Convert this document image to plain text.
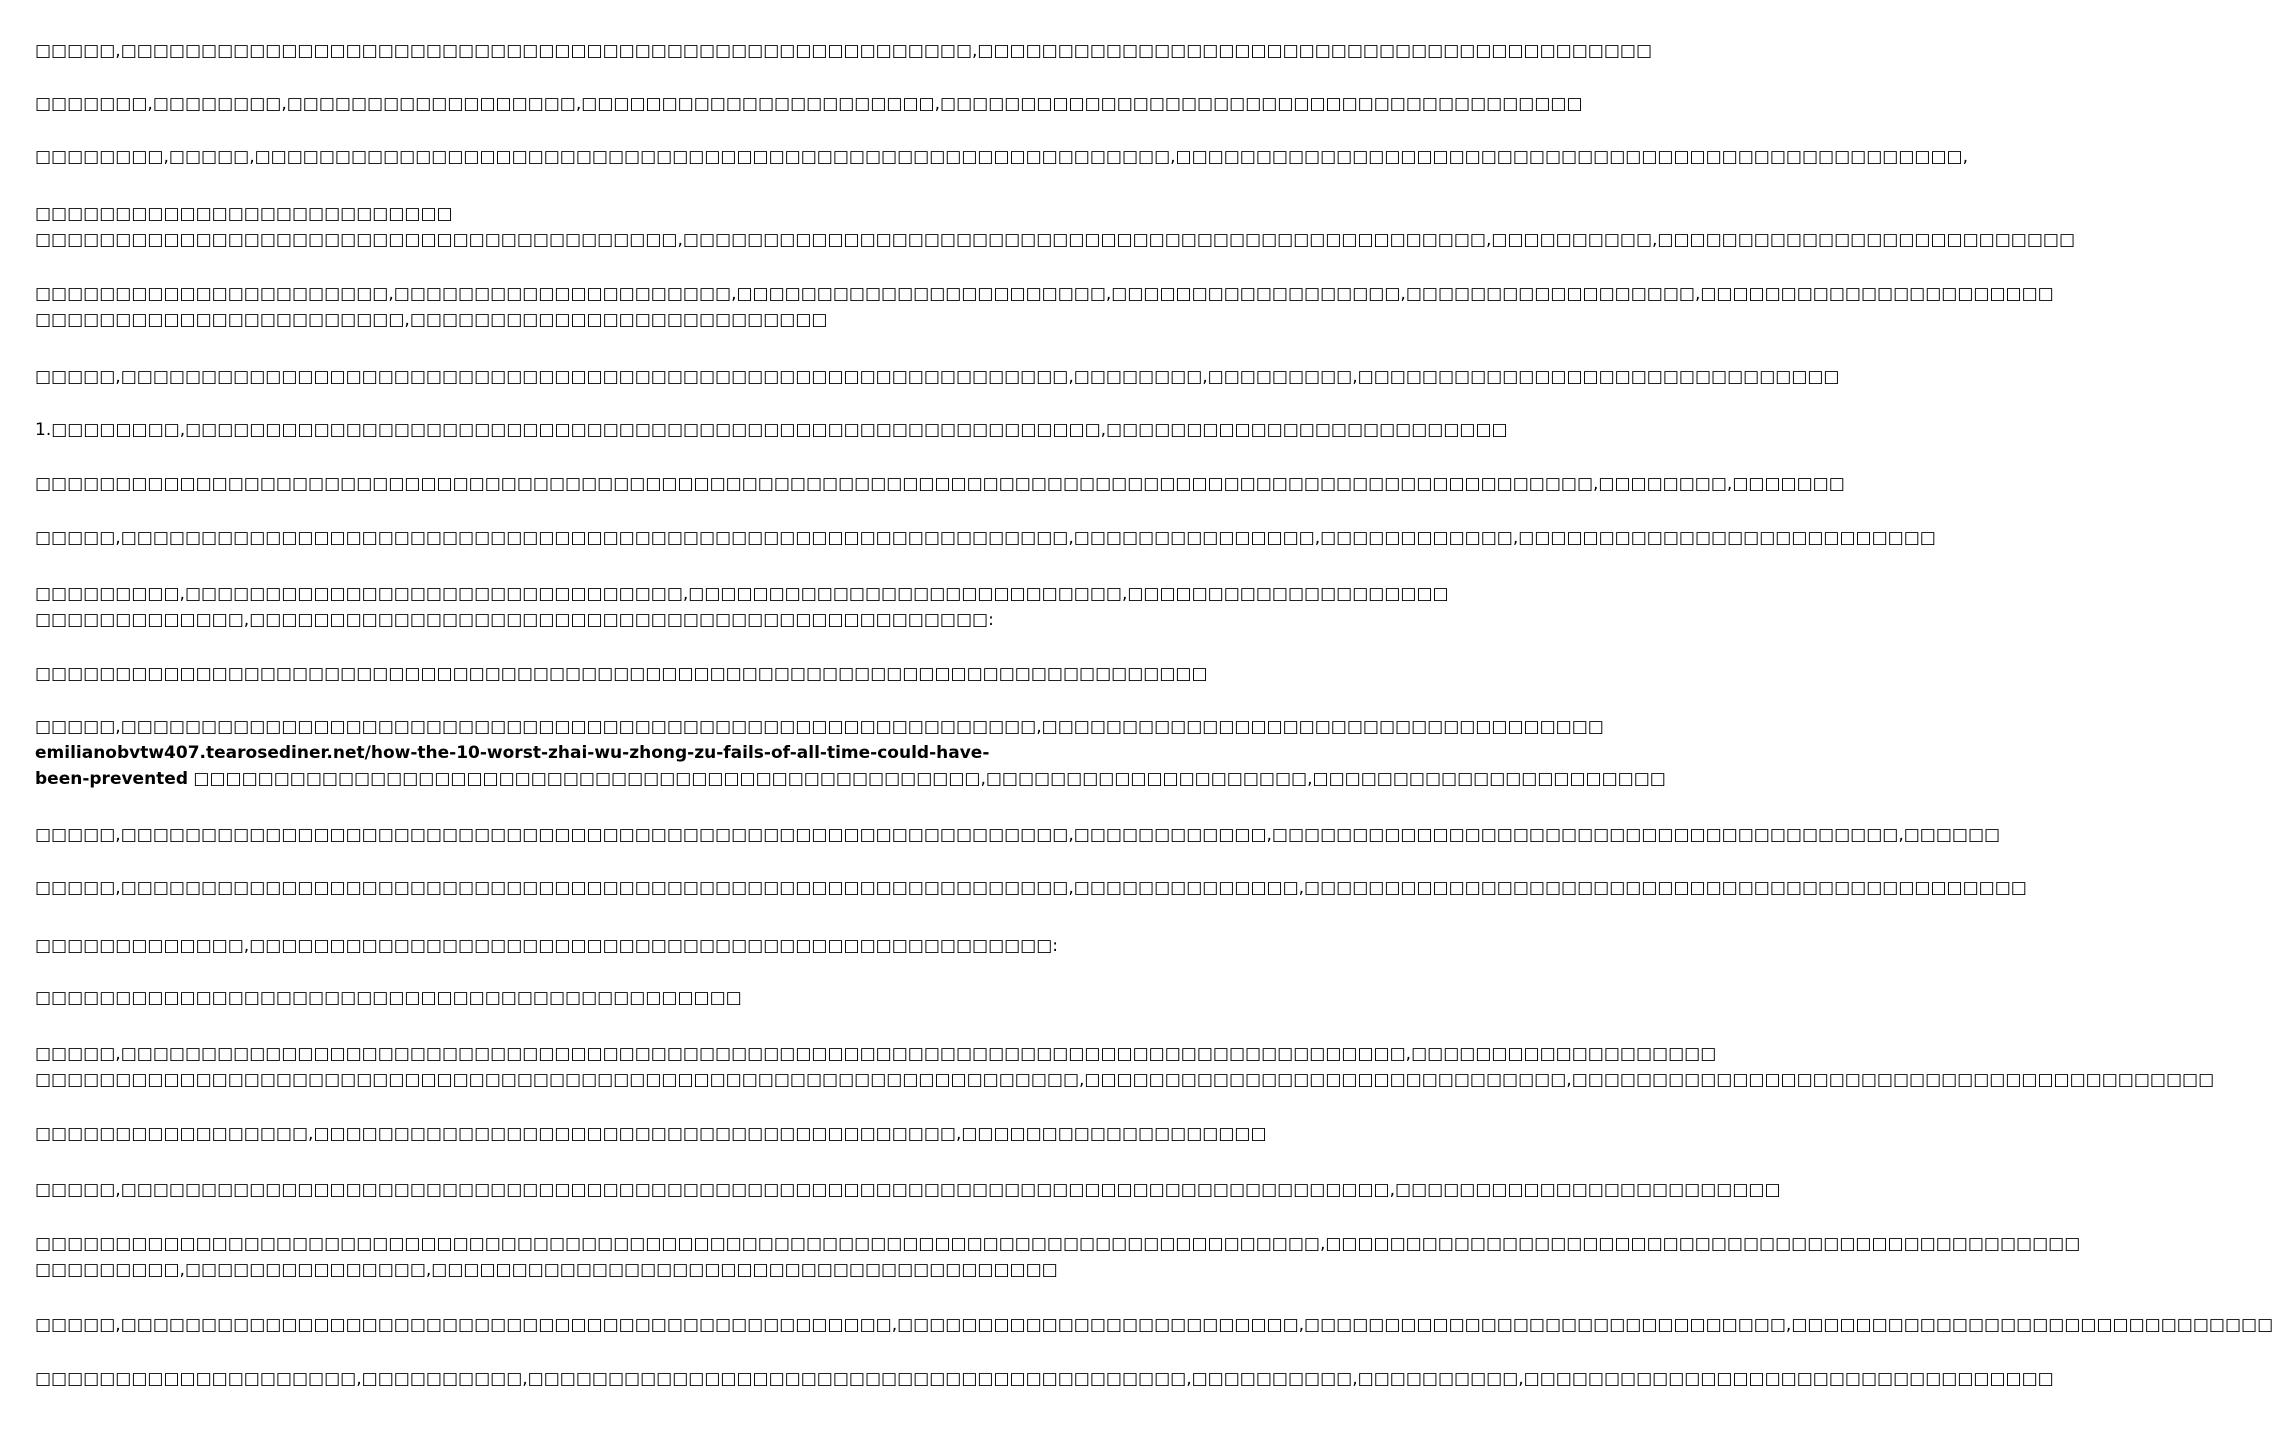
□□□□□,□□□□□□□□□□□□□□□□□□□□□□□□□□□□□□□□□□□□□□□□□□□□□□□□□□□□□,□□□□□□□□□□□□□□□□□□□□□□□□□□□□□□□□□□□□□□□□□□

□□□□□□□,□□□□□□□□,□□□□□□□□□□□□□□□□□□,□□□□□□□□□□□□□□□□□□□□□□,□□□□□□□□□□□□□□□□□□□□□□□□□□□□□□□□□□□□□□□□

□□□□□□□□,□□□□□,□□□□□□□□□□□□□□□□□□□□□□□□□□□□□□□□□□□□□□□□□□□□□□□□□□□□□□□□□,□□□□□□□□□□□□□□□□□□□□□□□□□□□□□□□□□□□□□□□□□□□□□□□□□,

□□□□□□□□□□□□□□□□□□□□□□□□□□
□□□□□□□□□□□□□□□□□□□□□□□□□□□□□□□□□□□□□□□□,□□□□□□□□□□□□□□□□□□□□□□□□□□□□□□□□□□□□□□□□□□□□□□□□□□,□□□□□□□□□□,□□□□□□□□□□□□□□□□□□□□□□□□□□

□□□□□□□□□□□□□□□□□□□□□□,□□□□□□□□□□□□□□□□□□□□□,□□□□□□□□□□□□□□□□□□□□□□□,□□□□□□□□□□□□□□□□□□,□□□□□□□□□□□□□□□□□□,□□□□□□□□□□□□□□□□□□□□□□
□□□□□□□□□□□□□□□□□□□□□□□,□□□□□□□□□□□□□□□□□□□□□□□□□□

□□□□□,□□□□□□□□□□□□□□□□□□□□□□□□□□□□□□□□□□□□□□□□□□□□□□□□□□□□□□□□□□□,□□□□□□□□,□□□□□□□□□,□□□□□□□□□□□□□□□□□□□□□□□□□□□□□□

1.□□□□□□□□,□□□□□□□□□□□□□□□□□□□□□□□□□□□□□□□□□□□□□□□□□□□□□□□□□□□□□□□□□,□□□□□□□□□□□□□□□□□□□□□□□□□

□□□□□□□□□□□□□□□□□□□□□□□□□□□□□□□□□□□□□□□□□□□□□□□□□□□□□□□□□□□□□□□□□□□□□□□□□□□□□□□□□□□□□□□□□□□□□□□□□,□□□□□□□□,□□□□□□□

□□□□□,□□□□□□□□□□□□□□□□□□□□□□□□□□□□□□□□□□□□□□□□□□□□□□□□□□□□□□□□□□□,□□□□□□□□□□□□□□□,□□□□□□□□□□□□,□□□□□□□□□□□□□□□□□□□□□□□□□□

□□□□□□□□□,□□□□□□□□□□□□□□□□□□□□□□□□□□□□□□□,□□□□□□□□□□□□□□□□□□□□□□□□□□□,□□□□□□□□□□□□□□□□□□□□
□□□□□□□□□□□□□,□□□□□□□□□□□□□□□□□□□□□□□□□□□□□□□□□□□□□□□□□□□□□□:

□□□□□□□□□□□□□□□□□□□□□□□□□□□□□□□□□□□□□□□□□□□□□□□□□□□□□□□□□□□□□□□□□□□□□□□□□

□□□□□,□□□□□□□□□□□□□□□□□□□□□□□□□□□□□□□□□□□□□□□□□□□□□□□□□□□□□□□□□,□□□□□□□□□□□□□□□□□□□□□□□□□□□□□□□□□□□
emilianobvtw407.tearosediner.net/how-the-10-worst-zhai-wu-zhong-zu-fails-of-all-time-could-have-
been-prevented □□□□□□□□□□□□□□□□□□□□□□□□□□□□□□□□□□□□□□□□□□□□□□□□□,□□□□□□□□□□□□□□□□□□□□,□□□□□□□□□□□□□□□□□□□□□□

□□□□□,□□□□□□□□□□□□□□□□□□□□□□□□□□□□□□□□□□□□□□□□□□□□□□□□□□□□□□□□□□□,□□□□□□□□□□□□,□□□□□□□□□□□□□□□□□□□□□□□□□□□□□□□□□□□□□□□,□□□□□□

□□□□□,□□□□□□□□□□□□□□□□□□□□□□□□□□□□□□□□□□□□□□□□□□□□□□□□□□□□□□□□□□□,□□□□□□□□□□□□□□,□□□□□□□□□□□□□□□□□□□□□□□□□□□□□□□□□□□□□□□□□□□□□

□□□□□□□□□□□□□,□□□□□□□□□□□□□□□□□□□□□□□□□□□□□□□□□□□□□□□□□□□□□□□□□□:

□□□□□□□□□□□□□□□□□□□□□□□□□□□□□□□□□□□□□□□□□□□□

□□□□□,□□□□□□□□□□□□□□□□□□□□□□□□□□□□□□□□□□□□□□□□□□□□□□□□□□□□□□□□□□□□□□□□□□□□□□□□□□□□□□□□,□□□□□□□□□□□□□□□□□□□
□□□□□□□□□□□□□□□□□□□□□□□□□□□□□□□□□□□□□□□□□□□□□□□□□□□□□□□□□□□□□□□□□,□□□□□□□□□□□□□□□□□□□□□□□□□□□□□□,□□□□□□□□□□□□□□□□□□□□□□□□□□□□□□□□□□□□□□□□

□□□□□□□□□□□□□□□□□,□□□□□□□□□□□□□□□□□□□□□□□□□□□□□□□□□□□□□□□□,□□□□□□□□□□□□□□□□□□□

□□□□□,□□□□□□□□□□□□□□□□□□□□□□□□□□□□□□□□□□□□□□□□□□□□□□□□□□□□□□□□□□□□□□□□□□□□□□□□□□□□□□□,□□□□□□□□□□□□□□□□□□□□□□□□

□□□□□□□□□□□□□□□□□□□□□□□□□□□□□□□□□□□□□□□□□□□□□□□□□□□□□□□□□□□□□□□□□□□□□□□□□□□□□□□□,□□□□□□□□□□□□□□□□□□□□□□□□□□□□□□□□□□□□□□□□□□□□□□□
□□□□□□□□□,□□□□□□□□□□□□□□□,□□□□□□□□□□□□□□□□□□□□□□□□□□□□□□□□□□□□□□□

□□□□□,□□□□□□□□□□□□□□□□□□□□□□□□□□□□□□□□□□□□□□□□□□□□□□□□,□□□□□□□□□□□□□□□□□□□□□□□□□,□□□□□□□□□□□□□□□□□□□□□□□□□□□□□□,□□□□□□□□□□□□□□□□□□□□□□□□□□□□□□

□□□□□□□□□□□□□□□□□□□□,□□□□□□□□□□,□□□□□□□□□□□□□□□□□□□□□□□□□□□□□□□□□□□□□□□□□,□□□□□□□□□□,□□□□□□□□□□,□□□□□□□□□□□□□□□□□□□□□□□□□□□□□□□□□
